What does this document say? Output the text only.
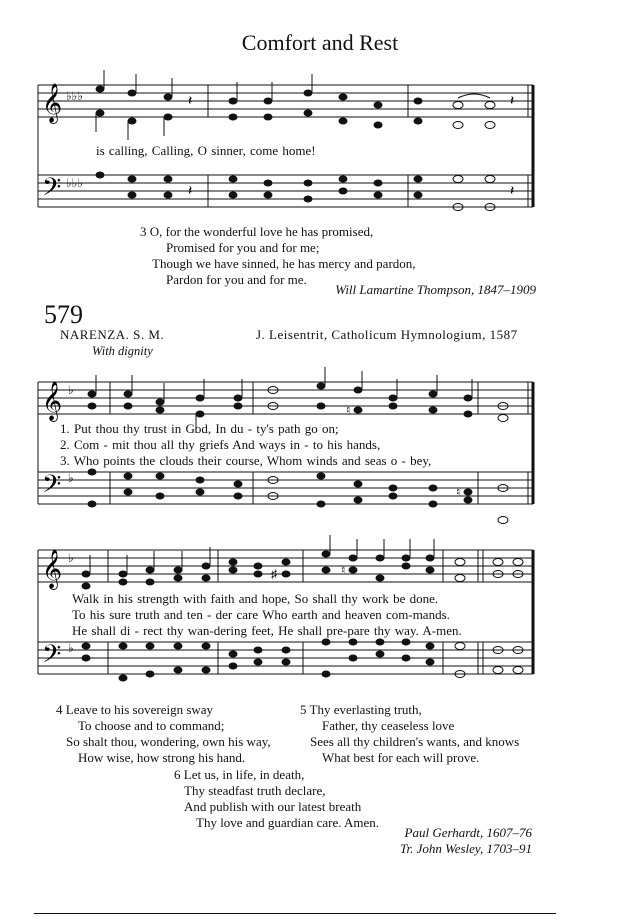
Comfort and Rest
𝄞
𝄢
♭♭♭
♭♭♭
𝄽
𝄽
𝄽
𝄽
is calling, Calling, O sinner, come home!
3 O, for the wonderful love he has promised,
Promised for you and for me;
Though we have sinned, he has mercy and pardon,
Pardon for you and for me.
Will Lamartine Thompson, 1847–1909
579
NARENZA. S. M.	J. Leisentrit, Catholicum Hymnologium, 1587
With dignity
𝄞
𝄢
♭
♭
♮
♮
1. Put thou thy trust in God, In du - ty's path go on;
2. Com - mit thou all thy griefs And ways in - to his hands,
3. Who points the clouds their course, Whom winds and seas o - bey,
𝄞
𝄢
♭
♭
♯	♮
Walk in his strength with faith and hope, So shall thy work be done.
To his sure truth and ten - der care Who earth and heaven com-mands.
He shall di - rect thy wan-dering feet, He shall pre-pare thy way. A-men.
4 Leave to his sovereign sway
To choose and to command;
So shalt thou, wondering, own his way,
How wise, how strong his hand.
5 Thy everlasting truth,
Father, thy ceaseless love
Sees all thy children's wants, and knows
What best for each will prove.
6 Let us, in life, in death,
Thy steadfast truth declare,
And publish with our latest breath
Thy love and guardian care. Amen.
Paul Gerhardt, 1607–76
Tr. John Wesley, 1703–91
